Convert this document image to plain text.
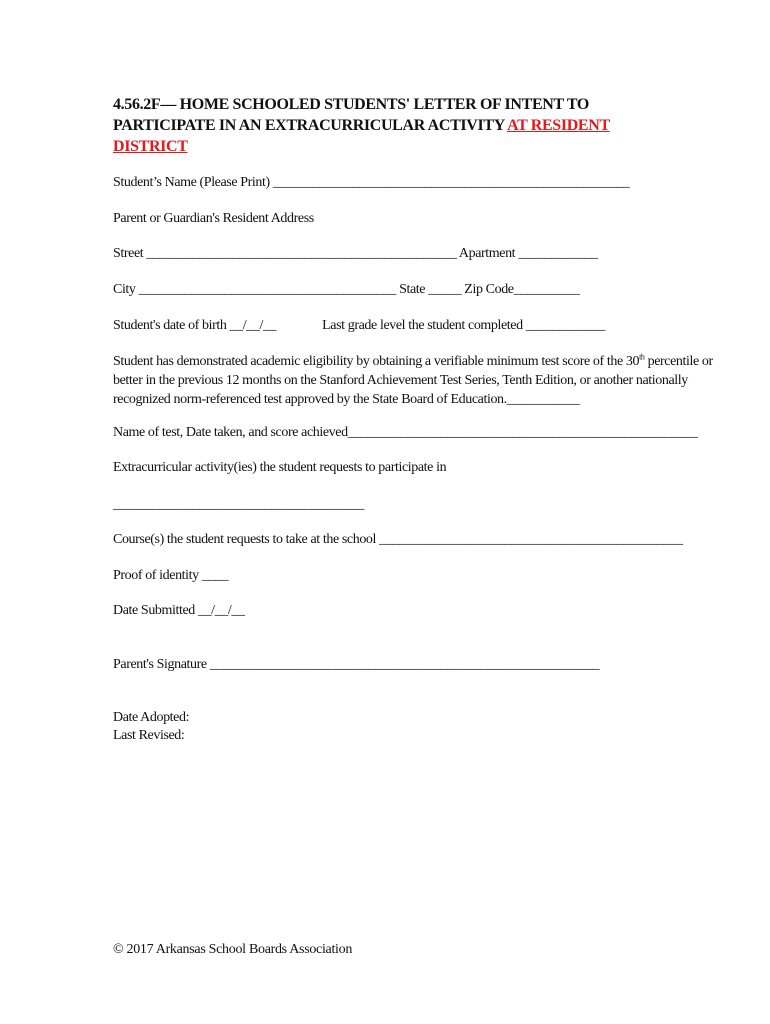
4.56.2F— HOME SCHOOLED STUDENTS' LETTER OF INTENT TO
PARTICIPATE IN AN EXTRACURRICULAR ACTIVITY AT RESIDENT
DISTRICT
Student’s Name (Please Print) ______________________________________________________
Parent or Guardian's Resident Address
Street _______________________________________________ Apartment ____________
City _______________________________________ State _____ Zip Code__________
Student's date of birth __/__/__	Last grade level the student completed ____________
Student has demonstrated academic eligibility by obtaining a verifiable minimum test score of the 30th percentile or better in the previous 12 months on the Stanford Achievement Test Series, Tenth Edition, or another nationally recognized norm-referenced test approved by the State Board of Education.___________
Name of test, Date taken, and score achieved_____________________________________________________
Extracurricular activity(ies) the student requests to participate in
______________________________________
Course(s) the student requests to take at the school ______________________________________________
Proof of identity ____
Date Submitted __/__/__
Parent's Signature ___________________________________________________________
Date Adopted:
Last Revised:
© 2017 Arkansas School Boards Association
